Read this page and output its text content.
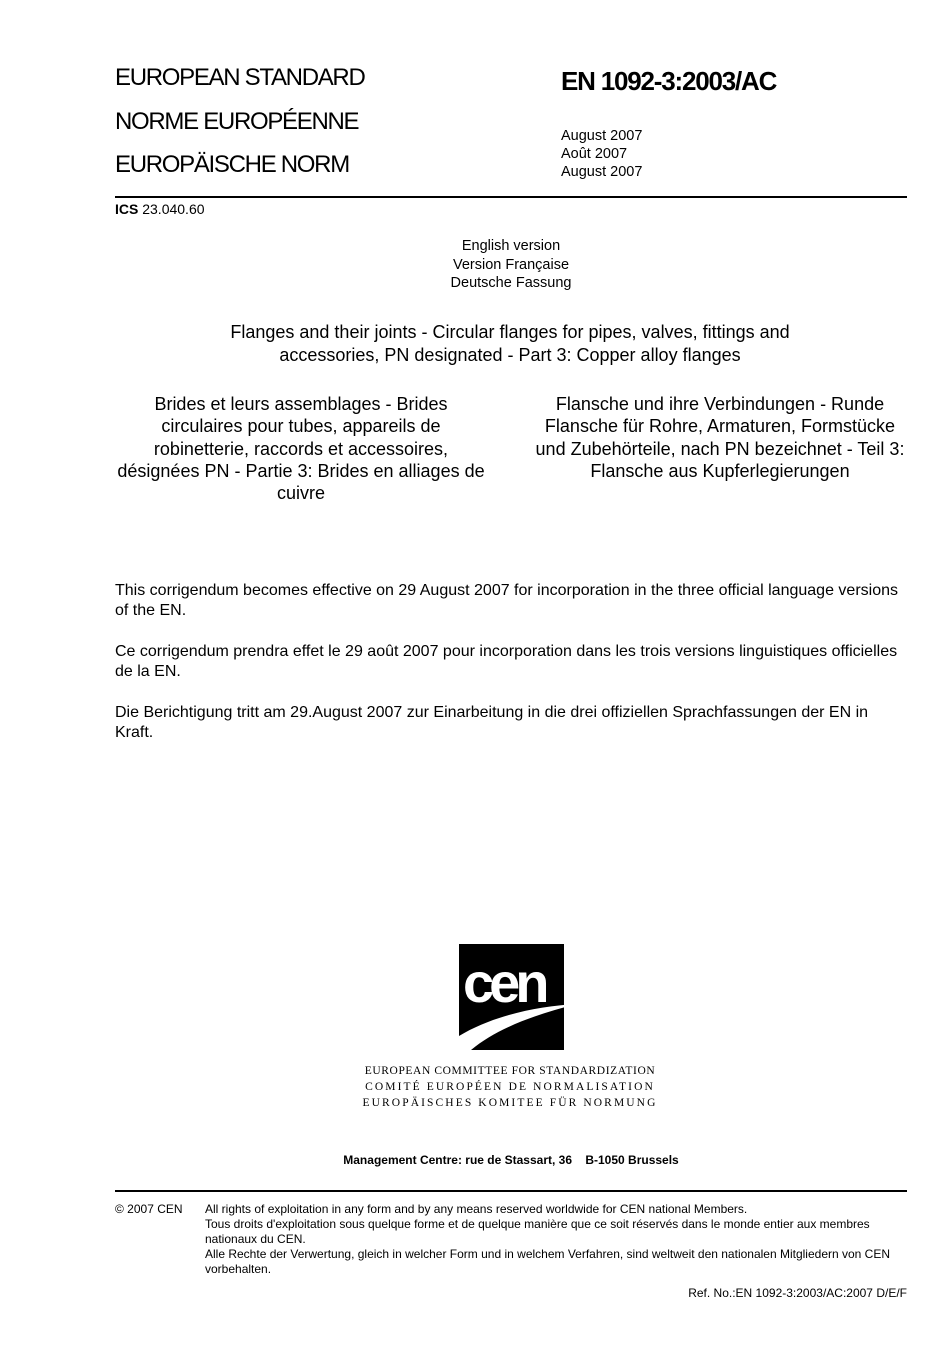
EUROPEAN STANDARD
NORME EUROPÉENNE
EUROPÄISCHE NORM
EN 1092-3:2003/AC
August 2007
Août 2007
August 2007
ICS 23.040.60
English version
Version Française
Deutsche Fassung
Flanges and their joints - Circular flanges for pipes, valves, fittings and accessories, PN designated - Part 3: Copper alloy flanges
Brides et leurs assemblages - Brides circulaires pour tubes, appareils de robinetterie, raccords et accessoires, désignées PN - Partie 3: Brides en alliages de cuivre
Flansche und ihre Verbindungen - Runde Flansche für Rohre, Armaturen, Formstücke und Zubehörteile, nach PN bezeichnet - Teil 3: Flansche aus Kupferlegierungen
This corrigendum becomes effective on 29 August 2007 for incorporation in the three official language versions of the EN.
Ce corrigendum prendra effet le 29 août 2007 pour incorporation dans les trois versions linguistiques officielles de la EN.
Die Berichtigung tritt am 29.August 2007 zur Einarbeitung in die drei offiziellen Sprachfassungen der EN in Kraft.
cen
EUROPEAN COMMITTEE FOR STANDARDIZATION
COMITÉ EUROPÉEN DE NORMALISATION
EUROPÄISCHES KOMITEE FÜR NORMUNG
Management Centre: rue de Stassart, 36    B-1050 Brussels
© 2007 CEN All rights of exploitation in any form and by any means reserved worldwide for CEN national Members.
Tous droits d'exploitation sous quelque forme et de quelque manière que ce soit réservés dans le monde entier aux membres nationaux du CEN.
Alle Rechte der Verwertung, gleich in welcher Form und in welchem Verfahren, sind weltweit den nationalen Mitgliedern von CEN vorbehalten.
Ref. No.:EN 1092-3:2003/AC:2007 D/E/F
